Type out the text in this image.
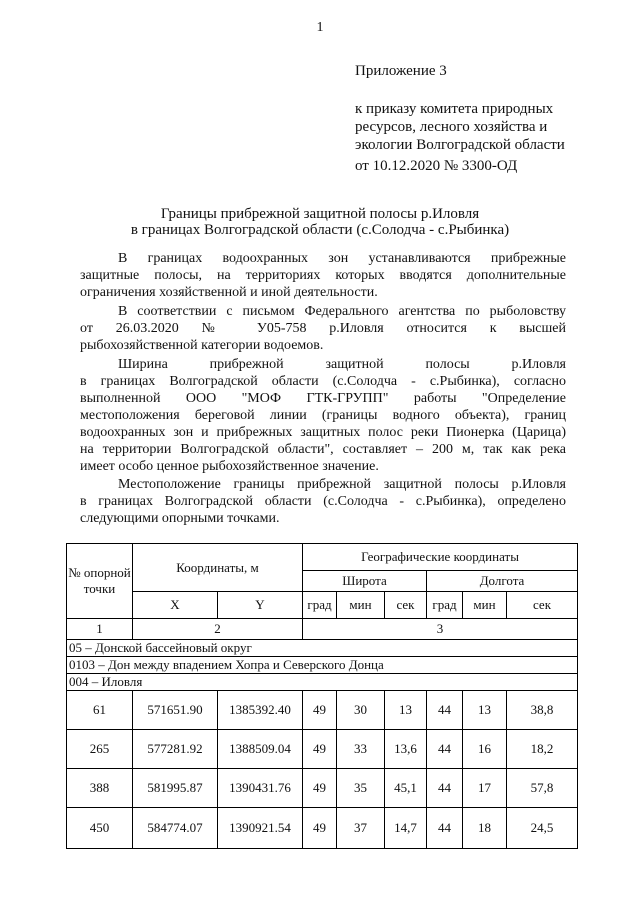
1
Приложение 3
к приказу комитета природных
ресурсов, лесного хозяйства и
экологии Волгоградской области
от 10.12.2020 № 3300-ОД
Границы прибрежной защитной полосы р.Иловля
в границах Волгоградской области (с.Солодча - с.Рыбинка)
В границах водоохранных зон устанавливаются прибрежные
защитные полосы, на территориях которых вводятся дополнительные
ограничения хозяйственной и иной деятельности.
В соответствии с письмом Федерального агентства по рыболовству
от 26.03.2020 № У05-758 р.Иловля относится к высшей
рыбохозяйственной категории водоемов.
Ширина прибрежной защитной полосы р.Иловля
в границах Волгоградской области (с.Солодча - с.Рыбинка), согласно
выполненной ООО "МОФ ГТК-ГРУПП" работы "Определение
местоположения береговой линии (границы водного объекта), границ
водоохранных зон и прибрежных защитных полос реки Пионерка (Царица)
на территории Волгоградской области", составляет – 200 м, так как река
имеет особо ценное рыбохозяйственное значение.
Местоположение границы прибрежной защитной полосы р.Иловля
в границах Волгоградской области (с.Солодча - с.Рыбинка), определено
следующими опорными точками.
№ опорной точки	Координаты, м		Географические координаты					
			Широта			Долгота		
	X	Y	град	мин	сек	град	мин	сек
1	2		3					
05 – Донской бассейновый округ								
0103 – Дон между впадением Хопра и Северского Донца								
004 – Иловля								
61	571651.90	1385392.40	49	30	13	44	13	38,8
265	577281.92	1388509.04	49	33	13,6	44	16	18,2
388	581995.87	1390431.76	49	35	45,1	44	17	57,8
450	584774.07	1390921.54	49	37	14,7	44	18	24,5
